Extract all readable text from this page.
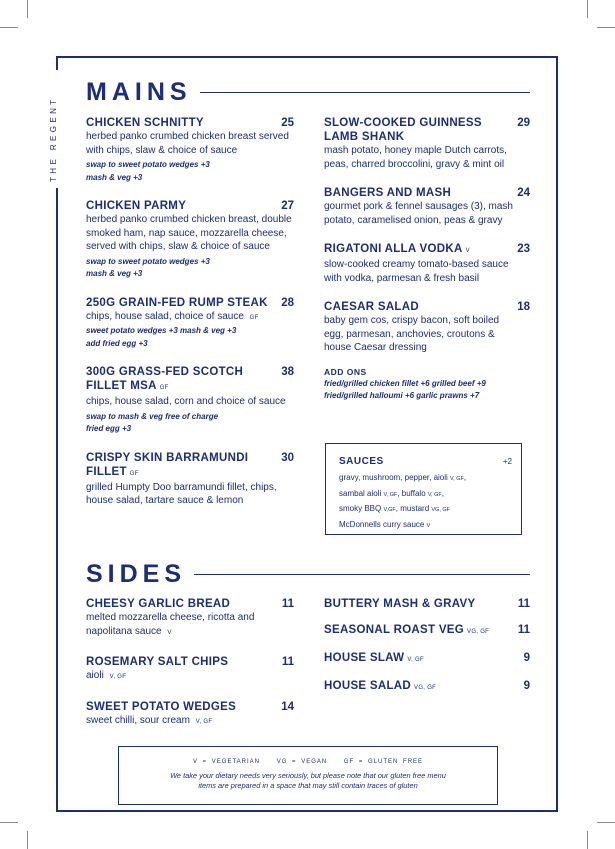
THE REGENT
MAINS
CHICKEN SCHNITTY	25
herbed panko crumbed chicken breast served with chips, slaw & choice of sauce
swap to sweet potato wedges +3
mash & veg +3
CHICKEN PARMY	27
herbed panko crumbed chicken breast, double smoked ham, nap sauce, mozzarella cheese, served with chips, slaw & choice of sauce
swap to sweet potato wedges +3
mash & veg +3
250G GRAIN-FED RUMP STEAK 28
chips, house salad, choice of sauce GF
sweet potato wedges +3 mash & veg +3
add fried egg +3
300G GRASS-FED SCOTCH FILLET MSA GF
38
chips, house salad, corn and choice of sauce
swap to mash & veg free of charge
fried egg +3
CRISPY SKIN BARRAMUNDI FILLET GF
30
grilled Humpty Doo barramundi fillet, chips, house salad, tartare sauce & lemon
SLOW-COOKED GUINNESS LAMB SHANK
29
mash potato, honey maple Dutch carrots, peas, charred broccolini, gravy & mint oil
BANGERS AND MASH	24
gourmet pork & fennel sausages (3), mash potato, caramelised onion, peas & gravy
RIGATONI ALLA VODKA V	23
slow-cooked creamy tomato-based sauce with vodka, parmesan & fresh basil
CAESAR SALAD	18
baby gem cos, crispy bacon, soft boiled egg, parmesan, anchovies, croutons & house Caesar dressing
ADD ONS
fried/grilled chicken fillet +6 grilled beef +9
fried/grilled halloumi +6 garlic prawns +7
SAUCES	+2
gravy, mushroom, pepper, aioli V, GF,
sambal aioli V, GF, buffalo V, GF,
smoky BBQ V,GF, mustard VG, GF
McDonnells curry sauce V
SIDES
CHEESY GARLIC BREAD	11
melted mozzarella cheese, ricotta and napolitana sauce V
ROSEMARY SALT CHIPS	11
aioli V, GF
SWEET POTATO WEDGES	14
sweet chilli, sour cream V, GF
BUTTERY MASH & GRAVY	11
SEASONAL ROAST VEG VG, GF 11
HOUSE SLAW V, GF	9
HOUSE SALAD VG, GF	9
V = VEGETARIAN	VG = VEGAN	GF = GLUTEN FREE
We take your dietary needs very seriously, but please note that our gluten free menu
items are prepared in a space that may still contain traces of gluten
